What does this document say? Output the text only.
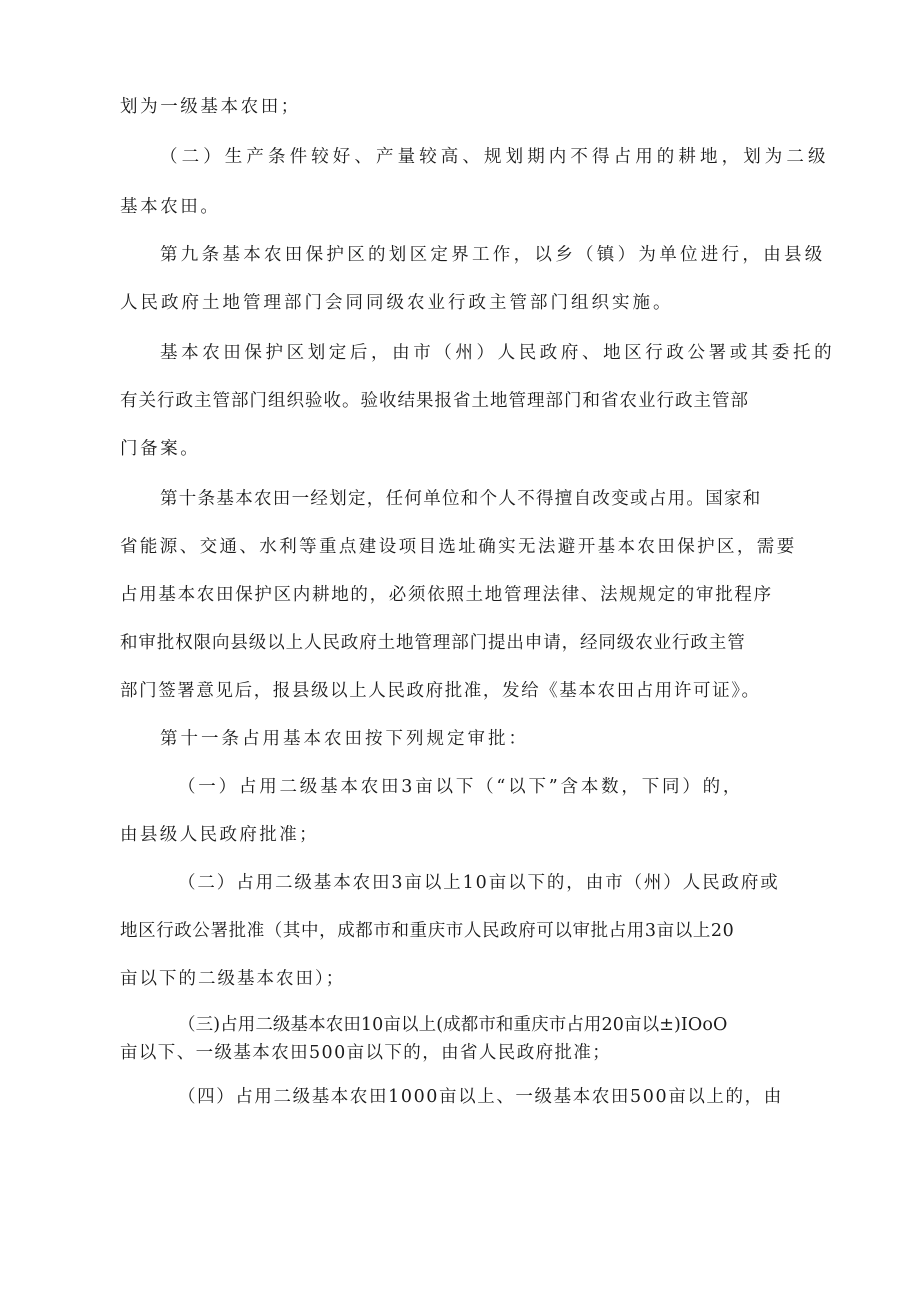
划为一级基本农田；
（二）生产条件较好、产量较高、规划期内不得占用的耕地，划为二级
基本农田。
第九条基本农田保护区的划区定界工作，以乡（镇）为单位进行，由县级
人民政府土地管理部门会同同级农业行政主管部门组织实施。
基本农田保护区划定后，由市（州）人民政府、地区行政公署或其委托的
有关行政主管部门组织验收。验收结果报省土地管理部门和省农业行政主管部
门备案。
第十条基本农田一经划定，任何单位和个人不得擅自改变或占用。国家和
省能源、交通、水利等重点建设项目选址确实无法避开基本农田保护区，需要
占用基本农田保护区内耕地的，必须依照土地管理法律、法规规定的审批程序
和审批权限向县级以上人民政府土地管理部门提出申请，经同级农业行政主管
部门签署意见后，报县级以上人民政府批准，发给《基本农田占用许可证》。
第十一条占用基本农田按下列规定审批：
（一）占用二级基本农田3亩以下（“以下”含本数，下同）的，
由县级人民政府批准；
（二）占用二级基本农田3亩以上10亩以下的，由市（州）人民政府或
地区行政公署批准（其中，成都市和重庆市人民政府可以审批占用3亩以上20
亩以下的二级基本农田）；
（三)占用二级基本农田10亩以上(成都市和重庆市占用20亩以±)IOoO
亩以下、一级基本农田500亩以下的，由省人民政府批准；
（四）占用二级基本农田1000亩以上、一级基本农田500亩以上的，由
